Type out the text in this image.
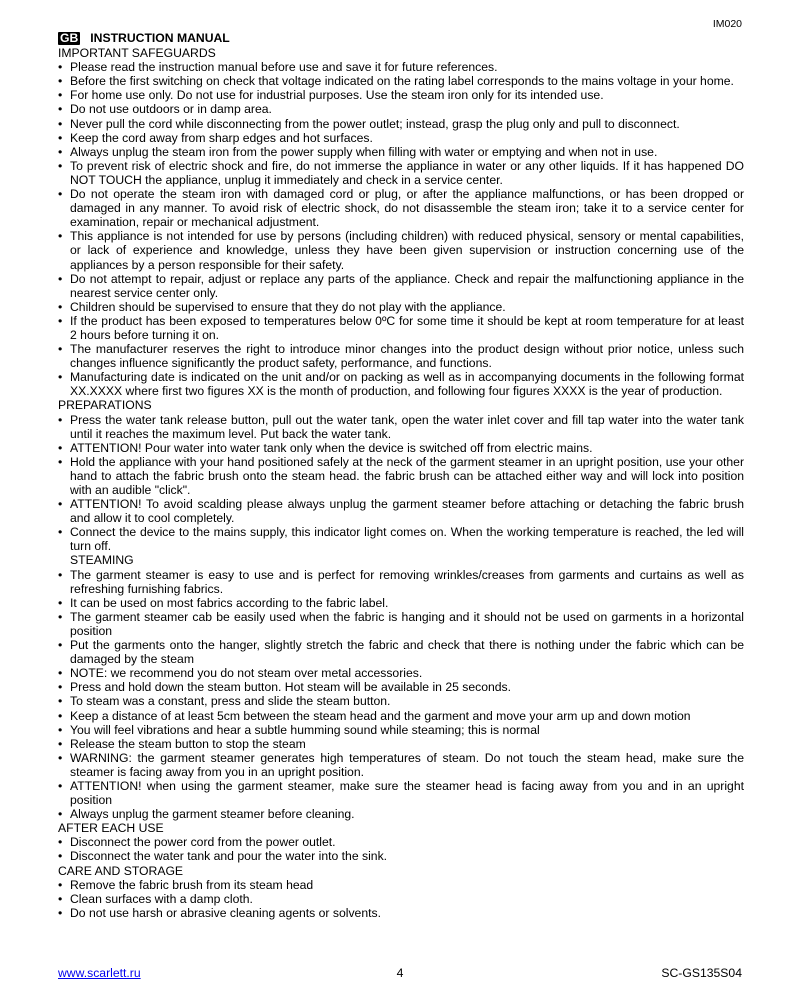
IM020
GB INSTRUCTION MANUAL
IMPORTANT SAFEGUARDS
• Please read the instruction manual before use and save it for future references.
• Before the first switching on check that voltage indicated on the rating label corresponds to the mains voltage in your home.
• For home use only. Do not use for industrial purposes. Use the steam iron only for its intended use.
• Do not use outdoors or in damp area.
• Never pull the cord while disconnecting from the power outlet; instead, grasp the plug only and pull to disconnect.
• Keep the cord away from sharp edges and hot surfaces.
• Always unplug the steam iron from the power supply when filling with water or emptying and when not in use.
• To prevent risk of electric shock and fire, do not immerse the appliance in water or any other liquids. If it has happened DO NOT TOUCH the appliance, unplug it immediately and check in a service center.
• Do not operate the steam iron with damaged cord or plug, or after the appliance malfunctions, or has been dropped or damaged in any manner. To avoid risk of electric shock, do not disassemble the steam iron; take it to a service center for examination, repair or mechanical adjustment.
• This appliance is not intended for use by persons (including children) with reduced physical, sensory or mental capabilities, or lack of experience and knowledge, unless they have been given supervision or instruction concerning use of the appliances by a person responsible for their safety.
• Do not attempt to repair, adjust or replace any parts of the appliance. Check and repair the malfunctioning appliance in the nearest service center only.
• Children should be supervised to ensure that they do not play with the appliance.
• If the product has been exposed to temperatures below 0ºC for some time it should be kept at room temperature for at least 2 hours before turning it on.
• The manufacturer reserves the right to introduce minor changes into the product design without prior notice, unless such changes influence significantly the product safety, performance, and functions.
• Manufacturing date is indicated on the unit and/or on packing as well as in accompanying documents in the following format XX.XXXX where first two figures XX is the month of production, and following four figures XXXX is the year of production.
PREPARATIONS
• Press the water tank release button, pull out the water tank, open the water inlet cover and fill tap water into the water tank until it reaches the maximum level. Put back the water tank.
• ATTENTION! Pour water into water tank only when the device is switched off from electric mains.
• Hold the appliance with your hand positioned safely at the neck of the garment steamer in an upright position, use your other hand to attach the fabric brush onto the steam head. the fabric brush can be attached either way and will lock into position with an audible "click".
• ATTENTION! To avoid scalding please always unplug the garment steamer before attaching or detaching the fabric brush and allow it to cool completely.
• Connect the device to the mains supply, this indicator light comes on. When the working temperature is reached, the led will turn off.
STEAMING
• The garment steamer is easy to use and is perfect for removing wrinkles/creases from garments and curtains as well as refreshing furnishing fabrics.
• It can be used on most fabrics according to the fabric label.
• The garment steamer cab be easily used when the fabric is hanging and it should not be used on garments in a horizontal position
• Put the garments onto the hanger, slightly stretch the fabric and check that there is nothing under the fabric which can be damaged by the steam
• NOTE: we recommend you do not steam over metal accessories.
• Press and hold down the steam button. Hot steam will be available in 25 seconds.
• To steam was a constant, press and slide the steam button.
• Keep a distance of at least 5cm between the steam head and the garment and move your arm up and down motion
• You will feel vibrations and hear a subtle humming sound while steaming; this is normal
• Release the steam button to stop the steam
• WARNING: the garment steamer generates high temperatures of steam. Do not touch the steam head, make sure the steamer is facing away from you in an upright position.
• ATTENTION! when using the garment steamer, make sure the steamer head is facing away from you and in an upright position
• Always unplug the garment steamer before cleaning.
AFTER EACH USE
• Disconnect the power cord from the power outlet.
• Disconnect the water tank and pour the water into the sink.
CARE AND STORAGE
• Remove the fabric brush from its steam head
• Clean surfaces with a damp cloth.
• Do not use harsh or abrasive cleaning agents or solvents.
www.scarlett.ru	4	SC-GS135S04
